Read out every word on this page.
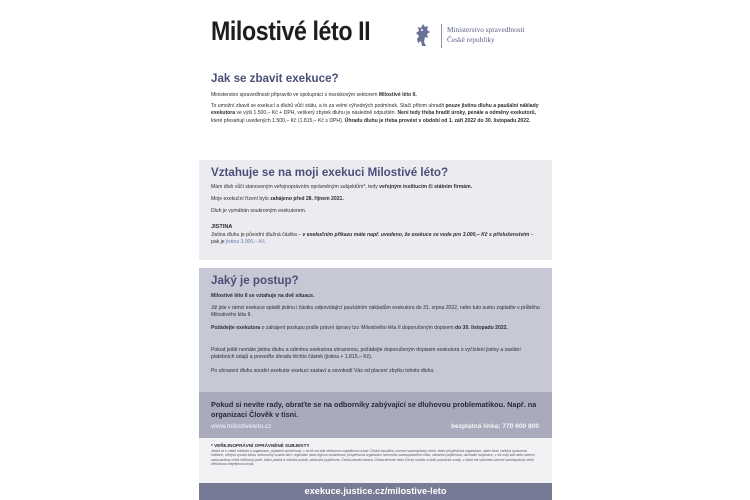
Milostivé léto II	Ministerstvo spravedlnosti
České republiky
Jak se zbavit exekuce?
Ministerstvo spravedlnosti připravilo ve spolupráci s neziskovým sektorem Milostivé léto II.
To umožní zbavit se exekucí a dluhů vůči státu, a to za velmi výhodných podmínek. Stačí přitom uhradit pouze jistinu dluhu a paušální náklady exekutora ve výši 1.500,– Kč + DPH, veškerý zbytek dluhu je následně odpuštěn. Není tedy třeba hradit úroky, penále a odměny exekutorů, které přesahují uvedených 1.500,– Kč (1.815,– Kč s DPH). Úhradu dluhu je třeba provést v období od 1. září 2022 do 30. listopadu 2022.
Vztahuje se na moji exekuci Milostivé léto?
Mám dluh vůči stanoveným veřejnoprávním oprávněným subjektům*, tedy veřejným institucím či státním firmám.
Moje exekuční řízení bylo zahájeno před 28. říjnem 2021.
Dluh je vymáhán soukromým exekutorem.
JISTINA
Jistina dluhu je původní dlužná částka – v exekučním příkazu máte např. uvedeno, že exekuce se vede pro 3.000,– Kč s příslušenstvím – pak je jistina 3.000,– Kč.
Jaký je postup?
Milostivé léto II se vztahuje na dvě situace.
Již jste v rámci exekuce splatili jistinu i částku odpovídající paušálním nákladům exekutora do 31. srpna 2022, nebo tuto sumu zaplatíte v průběhu Milostivého léta II.
Požádejte exekutora o zahájení postupu podle právní úpravy tzv. Milostivého léta II doporučeným dopisem do 30. listopadu 2022.
Pokud ještě nemáte jistinu dluhu a odměnu exekutora uhrazenou, požádejte doporučeným dopisem exekutora o vyčíslení jistiny a zaslání platebních údajů a proveďte úhradu těchto částek (jistina + 1.815,– Kč).
Po uhrazení dluhu soudní exekutor exekuci zastaví a osvobodí Vás od placení zbytku tohoto dluhu.
Pokud si nevíte rady, obraťte se na odborníky zabývající se dluhovou problematikou. Např. na organizaci Člověk v tísni.
www.milostiveleto.cz	bezplatná linka: 770 600 800
* VEŘEJNOPRÁVNÍ OPRÁVNĚNÉ SUBJEKTY
Jedná se o státní instituce a organizace, případně společnosti, v nichž má stát většinovou majetkovou účast: Česká republika, územní samosprávný celek, státní příspěvková organizace, státní fond, veřejná výzkumná instituce, veřejná vysoká škola, dobrovolný svazek obcí, regionální rada regionu soudržnosti, příspěvková organizace územního samosprávného celku, zdravotní pojišťovna, obchodní korporace, v níž mají stát nebo územní samosprávný celek většinový podíl, státní podnik a národní podnik, zdravotní pojišťovna, Česká národní banka, Česká televize nebo Český rozhlas a další právnické osoby, v nichž má stát nebo územní samosprávný celek většinovou majetkovou účast.
exekuce.justice.cz/milostive-leto
